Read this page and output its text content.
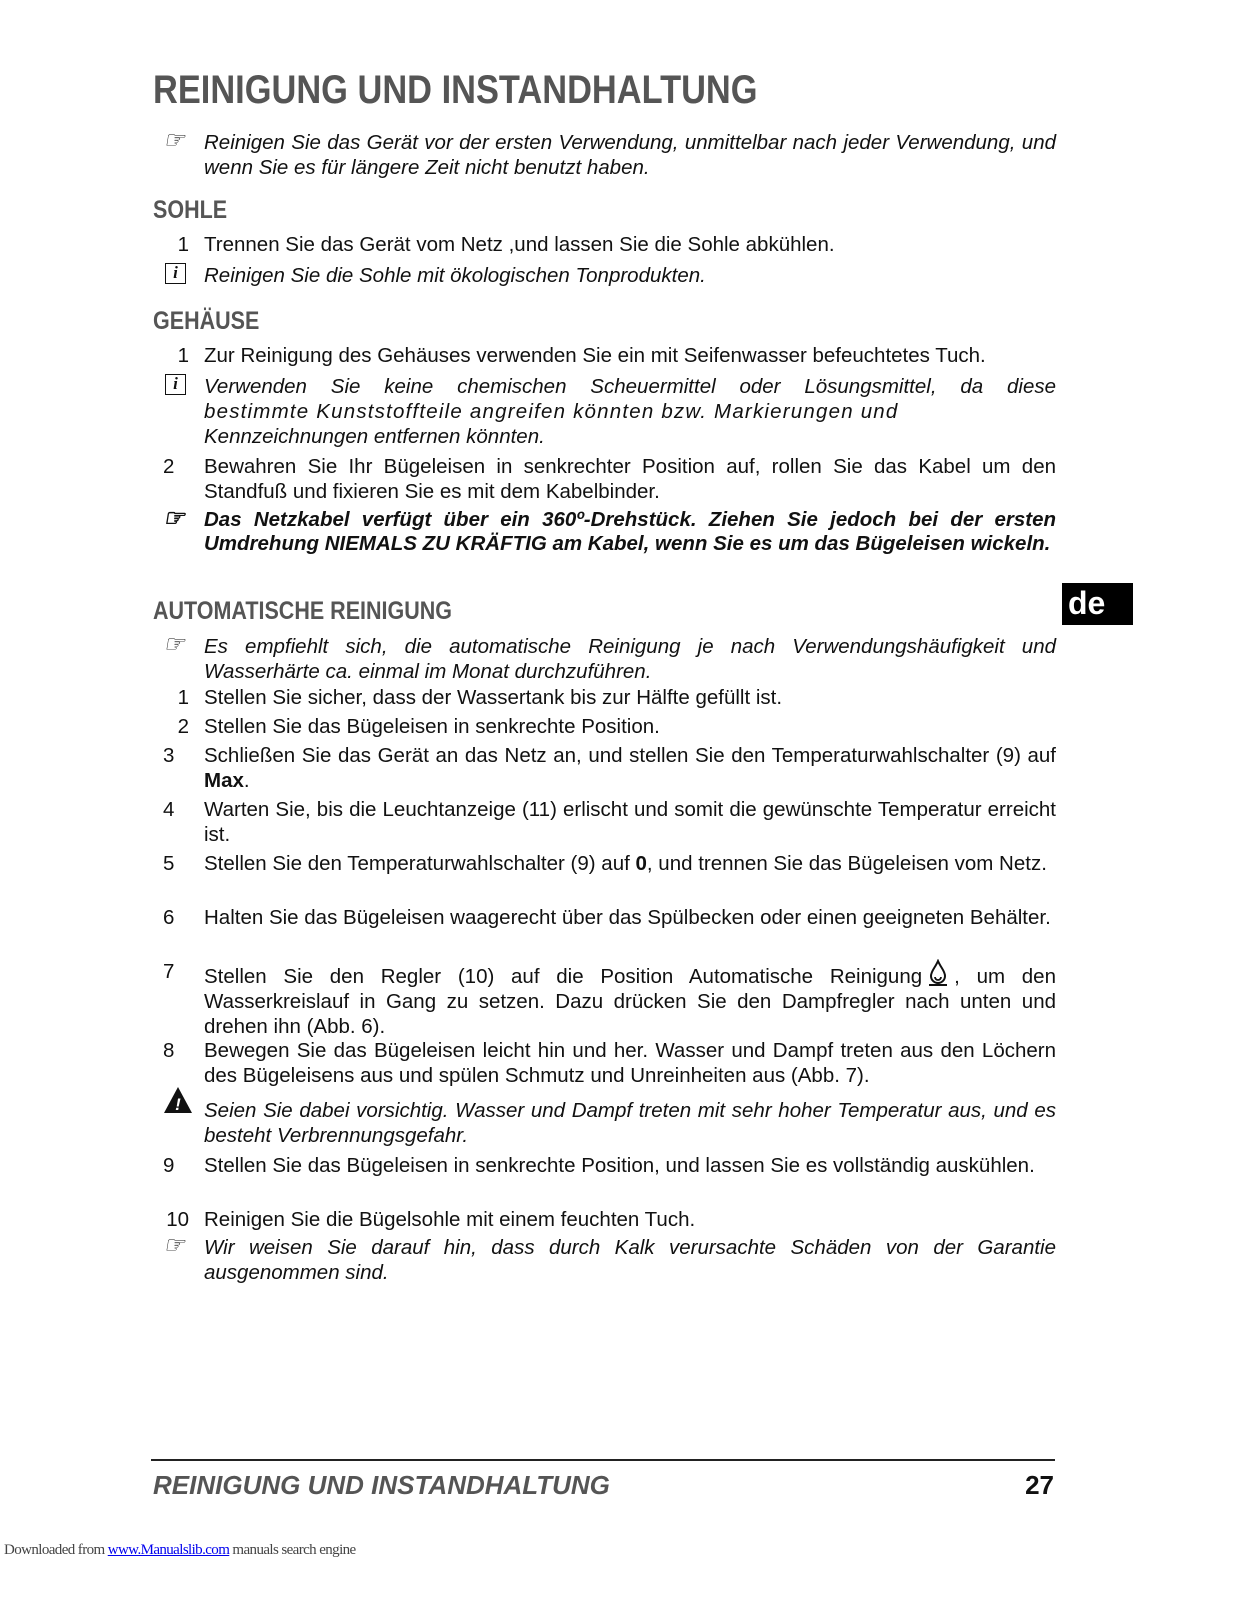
REINIGUNG UND INSTANDHALTUNG
☞ Reinigen Sie das Gerät vor der ersten Verwendung, unmittelbar nach jeder Verwendung, und wenn Sie es für längere Zeit nicht benutzt haben.
SOHLE
1 Trennen Sie das Gerät vom Netz ,und lassen Sie die Sohle abkühlen.
i	Reinigen Sie die Sohle mit ökologischen Tonprodukten.
GEHÄUSE
1 Zur Reinigung des Gehäuses verwenden Sie ein mit Seifenwasser befeuchtetes Tuch.
i	Verwenden Sie keine chemischen Scheuermittel oder Lösungsmittel, da diese
bestimmte Kunststoffteile angreifen könnten bzw. Markierungen und
Kennzeichnungen entfernen könnten.
2	Bewahren Sie Ihr Bügeleisen in senkrechter Position auf, rollen Sie das Kabel um den Standfuß und fixieren Sie es mit dem Kabelbinder.
☞ Das Netzkabel verfügt über ein 360º-Drehstück. Ziehen Sie jedoch bei der ersten Umdrehung NIEMALS ZU KRÄFTIG am Kabel, wenn Sie es um das Bügeleisen wickeln.
AUTOMATISCHE REINIGUNG
☞ Es empfiehlt sich, die automatische Reinigung je nach Verwendungshäufigkeit und Wasserhärte ca. einmal im Monat durchzuführen.
1 Stellen Sie sicher, dass der Wassertank bis zur Hälfte gefüllt ist.
2 Stellen Sie das Bügeleisen in senkrechte Position.
3	Schließen Sie das Gerät an das Netz an, und stellen Sie den Temperaturwahlschalter (9) auf Max.
4	Warten Sie, bis die Leuchtanzeige (11) erlischt und somit die gewünschte Temperatur erreicht ist.
5	Stellen Sie den Temperaturwahlschalter (9) auf 0, und trennen Sie das Bügeleisen vom Netz.
6	Halten Sie das Bügeleisen waagerecht über das Spülbecken oder einen geeigneten Behälter.
7	Stellen Sie den Regler (10) auf die Position Automatische Reinigung , um den Wasserkreislauf in Gang zu setzen. Dazu drücken Sie den Dampfregler nach unten und drehen ihn (Abb. 6).
8	Bewegen Sie das Bügeleisen leicht hin und her. Wasser und Dampf treten aus den Löchern des Bügeleisens aus und spülen Schmutz und Unreinheiten aus (Abb. 7).
! Seien Sie dabei vorsichtig. Wasser und Dampf treten mit sehr hoher Temperatur aus, und es besteht Verbrennungsgefahr.
9	Stellen Sie das Bügeleisen in senkrechte Position, und lassen Sie es vollständig auskühlen.
10 Reinigen Sie die Bügelsohle mit einem feuchten Tuch.
☞ Wir weisen Sie darauf hin, dass durch Kalk verursachte Schäden von der Garantie ausgenommen sind.
de
REINIGUNG UND INSTANDHALTUNG	27
Downloaded from www.Manualslib.com manuals search engine
